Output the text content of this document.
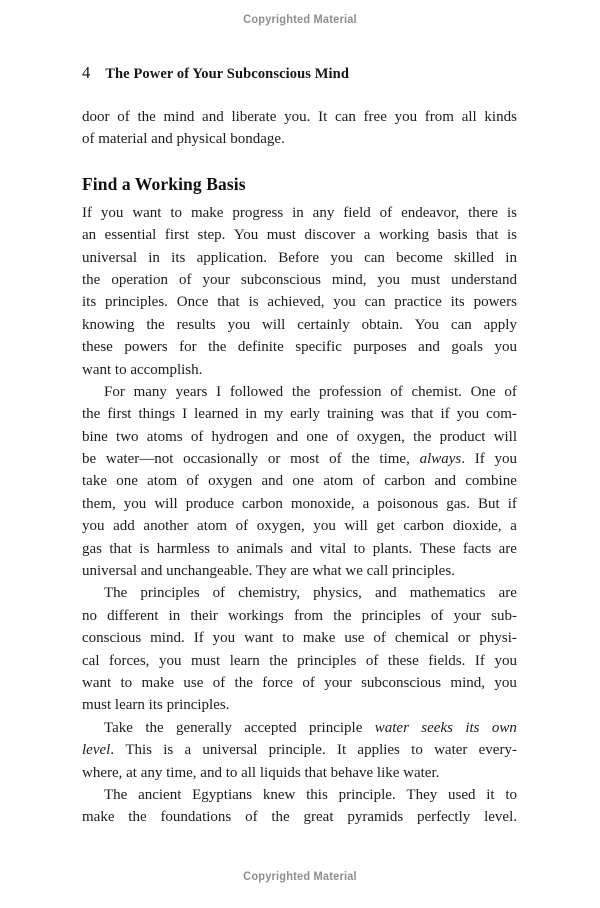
Copyrighted Material
4 The Power of Your Subconscious Mind
door of the mind and liberate you. It can free you from all kinds
of material and physical bondage.
Find a Working Basis
If you want to make progress in any field of endeavor, there is
an essential first step. You must discover a working basis that is
universal in its application. Before you can become skilled in
the operation of your subconscious mind, you must understand
its principles. Once that is achieved, you can practice its powers
knowing the results you will certainly obtain. You can apply
these powers for the definite specific purposes and goals you
want to accomplish.
For many years I followed the profession of chemist. One of
the first things I learned in my early training was that if you com-
bine two atoms of hydrogen and one of oxygen, the product will
be water—not occasionally or most of the time, always. If you
take one atom of oxygen and one atom of carbon and combine
them, you will produce carbon monoxide, a poisonous gas. But if
you add another atom of oxygen, you will get carbon dioxide, a
gas that is harmless to animals and vital to plants. These facts are
universal and unchangeable. They are what we call principles.
The principles of chemistry, physics, and mathematics are
no different in their workings from the principles of your sub-
conscious mind. If you want to make use of chemical or physi-
cal forces, you must learn the principles of these fields. If you
want to make use of the force of your subconscious mind, you
must learn its principles.
Take the generally accepted principle water seeks its own
level. This is a universal principle. It applies to water every-
where, at any time, and to all liquids that behave like water.
The ancient Egyptians knew this principle. They used it to
make the foundations of the great pyramids perfectly level.
Copyrighted Material
